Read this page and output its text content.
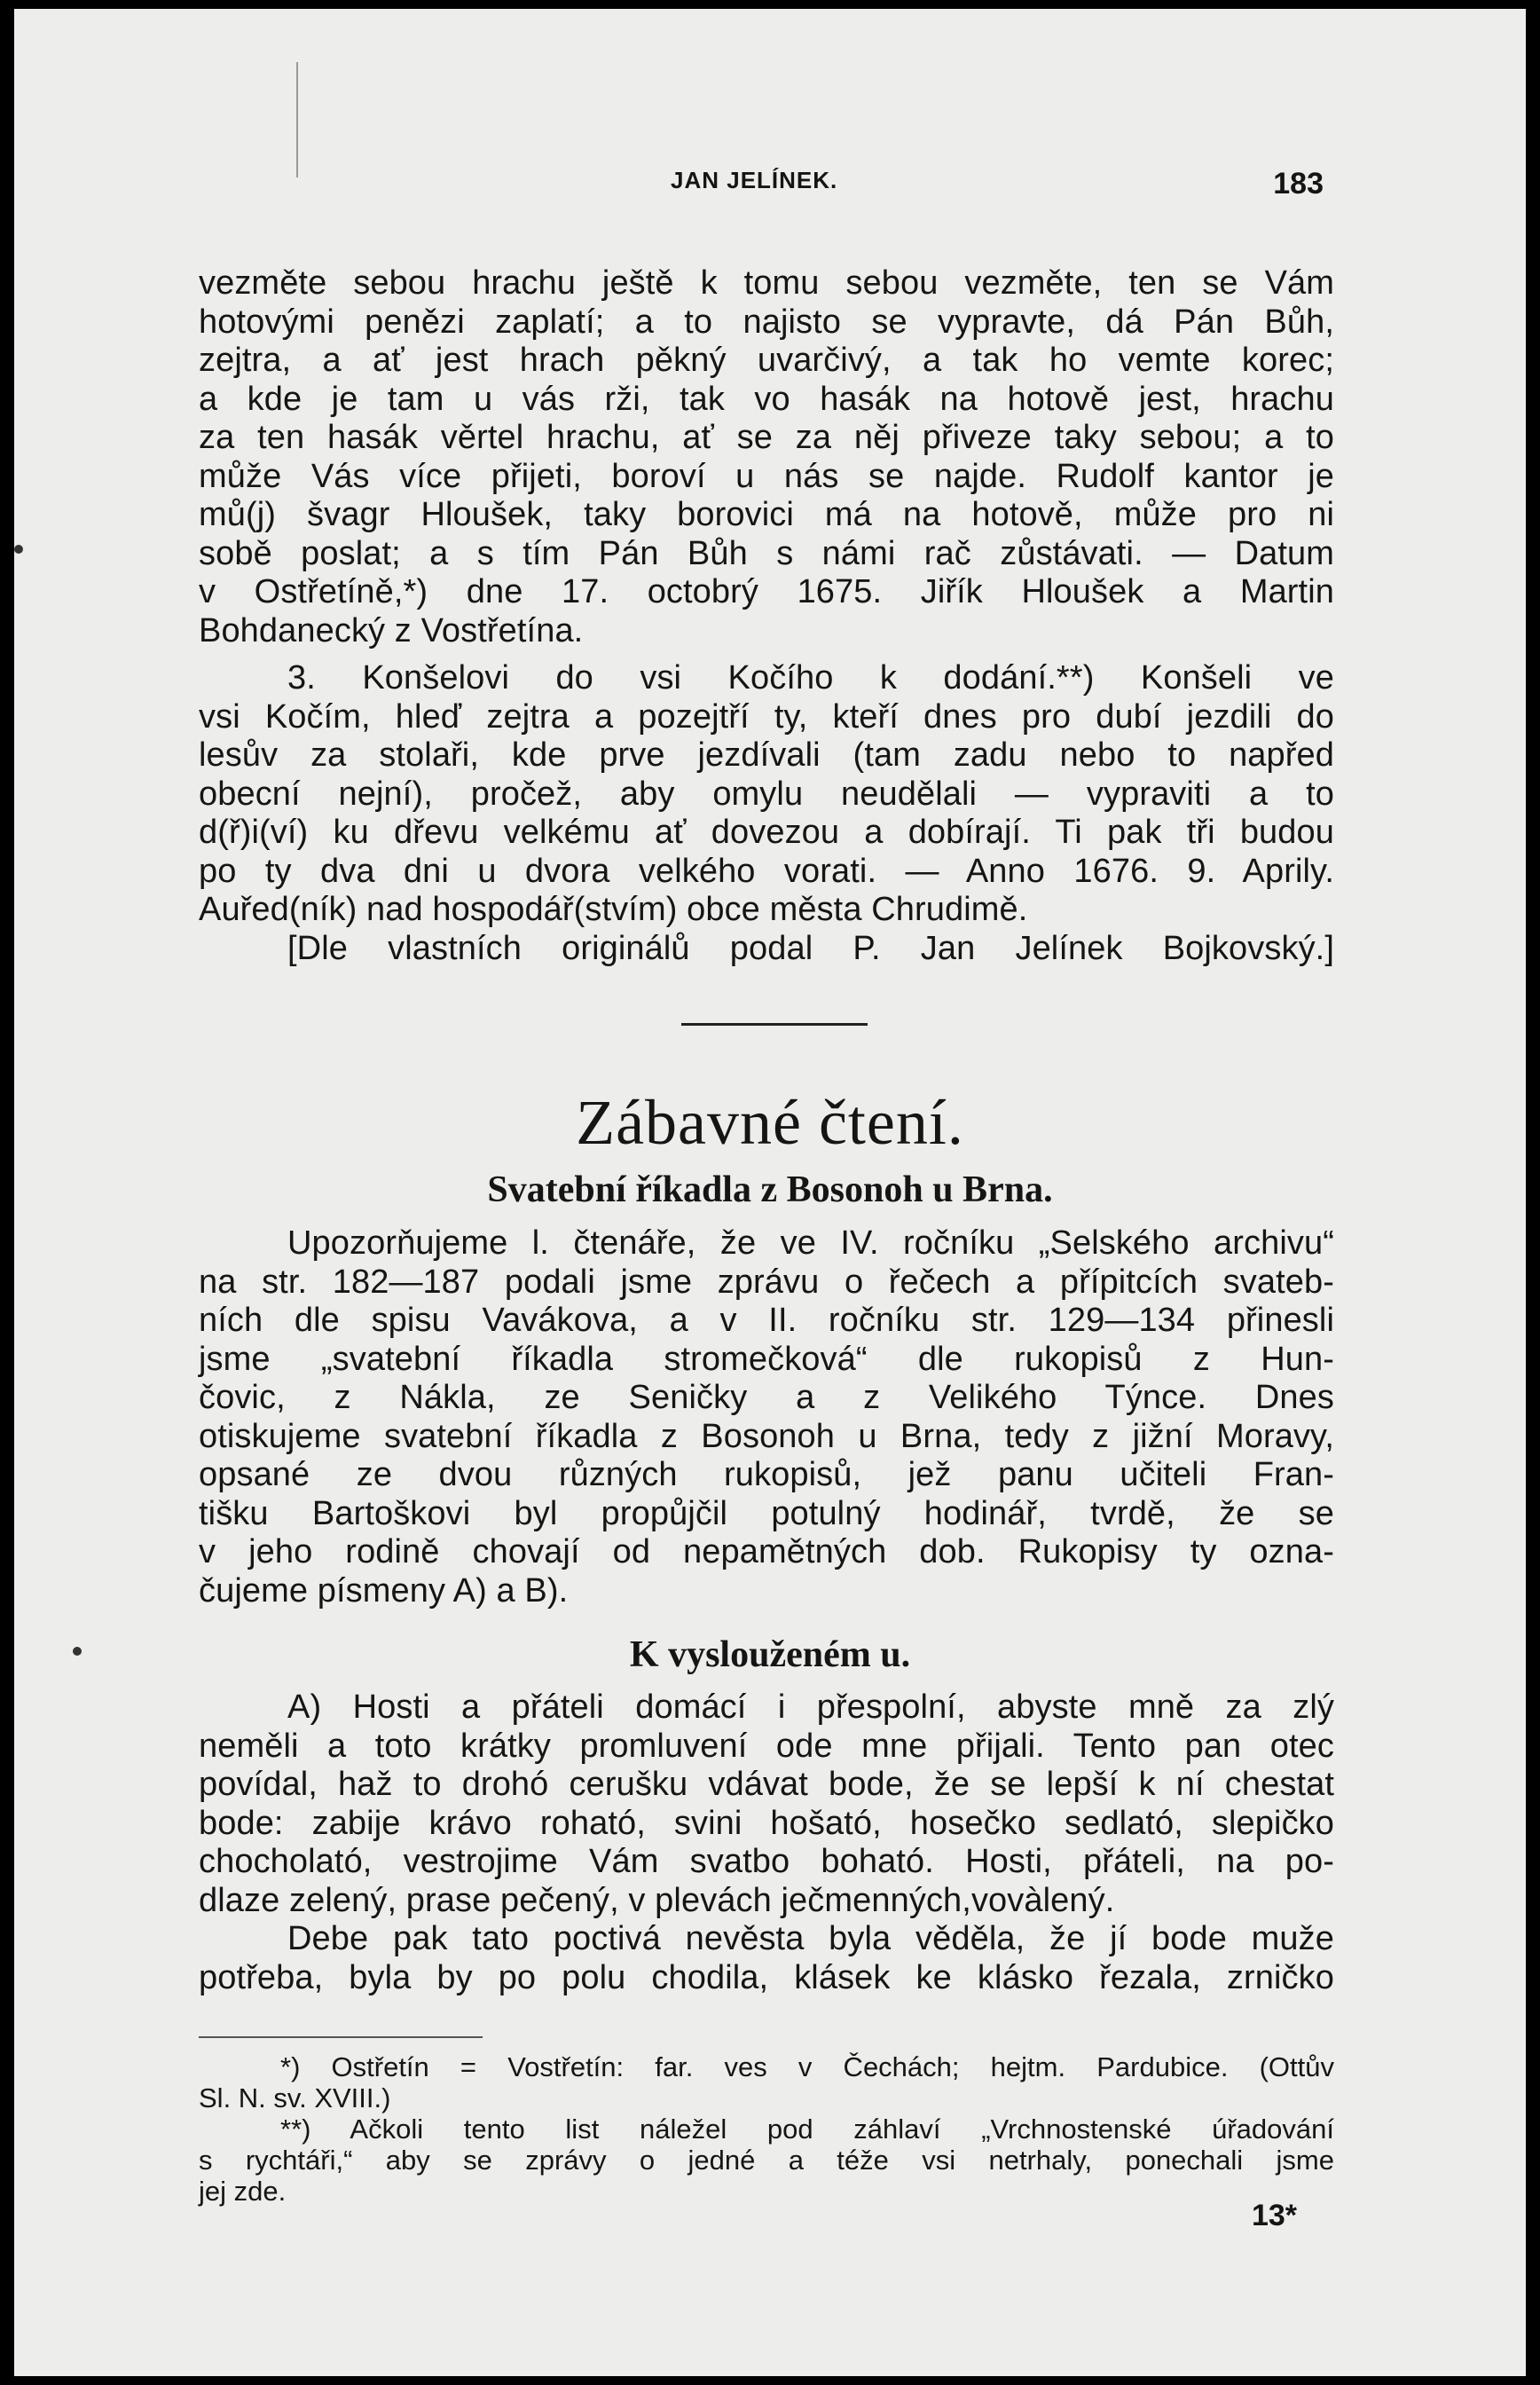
JAN JELÍNEK.	183
vezměte sebou hrachu ještě k tomu sebou vezměte, ten se Vám
hotovými penězi zaplatí; a to najisto se vypravte, dá Pán Bůh,
zejtra, a ať jest hrach pěkný uvarčivý, a tak ho vemte korec;
a kde je tam u vás rži, tak vo hasák na hotově jest, hrachu
za ten hasák věrtel hrachu, ať se za něj přiveze taky sebou; a to
může Vás více přijeti, boroví u nás se najde. Rudolf kantor je
mů(j) švagr Hloušek, taky borovici má na hotově, může pro ni
sobě poslat; a s tím Pán Bůh s námi rač zůstávati. — Datum
v Ostřetíně,*) dne 17. octobrý 1675. Jiřík Hloušek a Martin
Bohdanecký z Vostřetína.
3. Konšelovi do vsi Kočího k dodání.**) Konšeli ve
vsi Kočím, hleď zejtra a pozejtří ty, kteří dnes pro dubí jezdili do
lesův za stolaři, kde prve jezdívali (tam zadu nebo to napřed
obecní nejní), pročež, aby omylu neudělali — vypraviti a to
d(ř)i(ví) ku dřevu velkému ať dovezou a dobírají. Ti pak tři budou
po ty dva dni u dvora velkého vorati. — Anno 1676. 9. Aprily.
Auřed(ník) nad hospodář(stvím) obce města Chrudimě.
[Dle vlastních originálů podal P. Jan Jelínek Bojkovský.]
Zábavné čtení.
Svatební říkadla z Bosonoh u Brna.
Upozorňujeme l. čtenáře, že ve IV. ročníku „Selského archivu“
na str. 182—187 podali jsme zprávu o řečech a přípitcích svateb-
ních dle spisu Vavákova, a v II. ročníku str. 129—134 přinesli
jsme „svatební říkadla stromečková“ dle rukopisů z Hun-
čovic, z Nákla, ze Seničky a z Velikého Týnce. Dnes
otiskujeme svatební říkadla z Bosonoh u Brna, tedy z jižní Moravy,
opsané ze dvou různých rukopisů, jež panu učiteli Fran-
tišku Bartoškovi byl propůjčil potulný hodinář, tvrdě, že se
v jeho rodině chovají od nepamětných dob. Rukopisy ty ozna-
čujeme písmeny A) a B).
K vyslouženém u.
A) Hosti a přáteli domácí i přespolní, abyste mně za zlý
neměli a toto krátky promluvení ode mne přijali. Tento pan otec
povídal, haž to drohó cerušku vdávat bode, že se lepší k ní chestat
bode: zabije krávo roható, svini hošató, hosečko sedlató, slepičko
chocholató, vestrojime Vám svatbo boható. Hosti, přáteli, na po-
dlaze zelený, prase pečený, v plevách ječmenných,vovàlený.
Debe pak tato poctivá nevěsta byla věděla, že jí bode muže
potřeba, byla by po polu chodila, klásek ke klásko řezala, zrničko
*) Ostřetín = Vostřetín: far. ves v Čechách; hejtm. Pardubice. (Ottův
Sl. N. sv. XVIII.)
**) Ačkoli tento list náležel pod záhlaví „Vrchnostenské úřadování
s rychtáři,“ aby se zprávy o jedné a téže vsi netrhaly, ponechali jsme
jej zde.
13*
